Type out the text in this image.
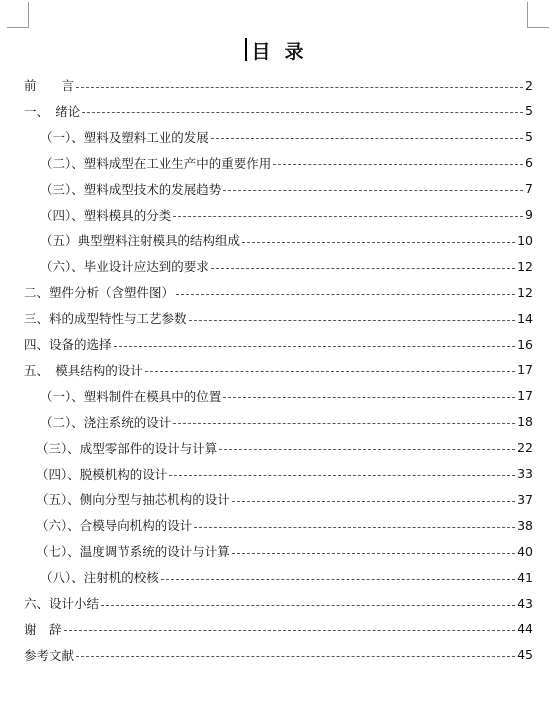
目录
前　　言	2
一、　绪论	5
（一）、塑料及塑料工业的发展	5
（二）、塑料成型在工业生产中的重要作用	6
（三）、塑料成型技术的发展趋势	7
（四）、塑料模具的分类	9
（五）典型塑料注射模具的结构组成	10
（六）、毕业设计应达到的要求	12
二、塑件分析（含塑件图）	12
三、料的成型特性与工艺参数	14
四、设备的选择	16
五、　模具结构的设计	17
（一）、塑料制件在模具中的位置	17
（二）、浇注系统的设计	18
（三）、成型零部件的设计与计算	22
（四）、脱模机构的设计	33
（五）、侧向分型与抽芯机构的设计	37
（六）、合模导向机构的设计	38
（七）、温度调节系统的设计与计算	40
（八）、注射机的校核	41
六、设计小结	43
谢　辞	44
参考文献	45
